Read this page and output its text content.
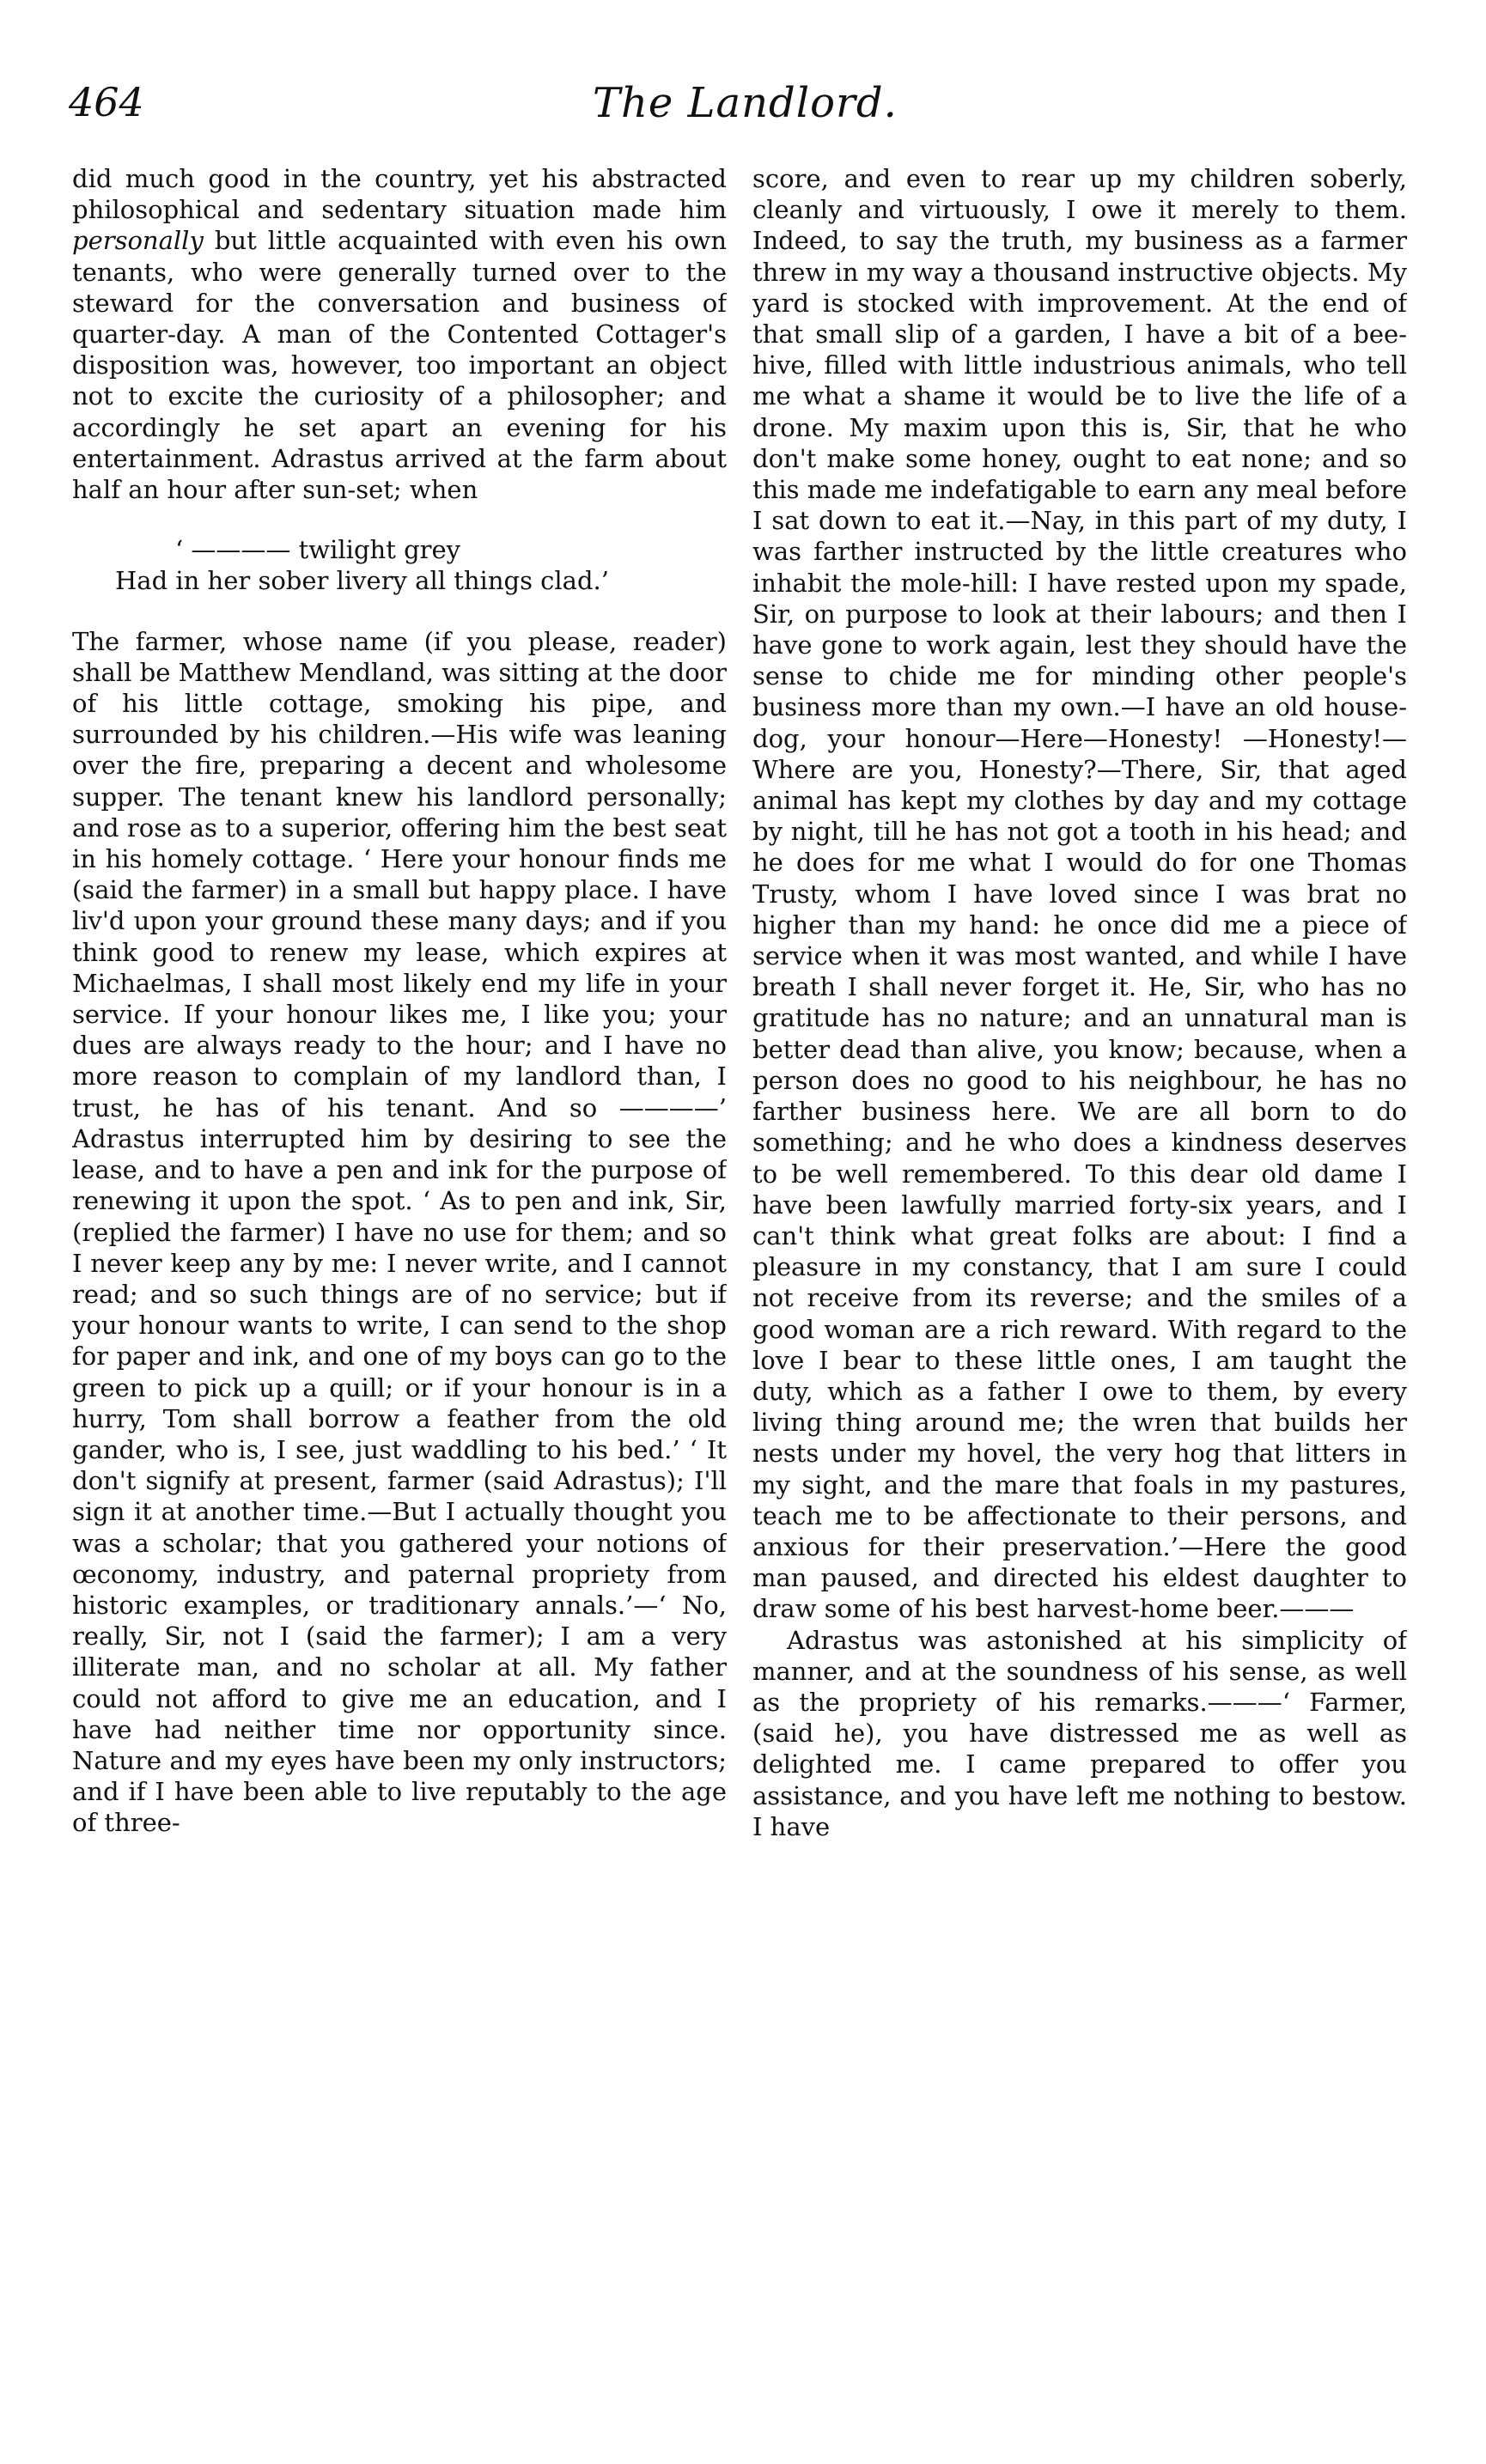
464	The Landlord.

did much good in the country, yet his abstracted philosophical and sedentary situation made him personally but little acquainted with even his own tenants, who were generally turned over to the steward for the conversation and business of quarter-day. A man of the Contented Cottager's disposition was, however, too important an object not to excite the curiosity of a philosopher; and accordingly he set apart an evening for his entertainment. Adrastus arrived at the farm about half an hour after sun-set; when

‘ ———— twilight grey

Had in her sober livery all things clad.’

The farmer, whose name (if you please, reader) shall be Matthew Mendland, was sitting at the door of his little cottage, smoking his pipe, and surrounded by his children.—His wife was leaning over the fire, preparing a decent and wholesome supper. The tenant knew his landlord personally; and rose as to a superior, offering him the best seat in his homely cottage. ‘ Here your honour finds me (said the farmer) in a small but happy place. I have liv'd upon your ground these many days; and if you think good to renew my lease, which expires at Michaelmas, I shall most likely end my life in your service. If your honour likes me, I like you; your dues are always ready to the hour; and I have no more reason to complain of my landlord than, I trust, he has of his tenant. And so ————’ Adrastus interrupted him by desiring to see the lease, and to have a pen and ink for the purpose of renewing it upon the spot. ‘ As to pen and ink, Sir, (replied the farmer) I have no use for them; and so I never keep any by me: I never write, and I cannot read; and so such things are of no service; but if your honour wants to write, I can send to the shop for paper and ink, and one of my boys can go to the green to pick up a quill; or if your honour is in a hurry, Tom shall borrow a feather from the old gander, who is, I see, just waddling to his bed.’ ‘ It don't signify at present, farmer (said Adrastus); I'll sign it at another time.—But I actually thought you was a scholar; that you gathered your notions of œconomy, industry, and paternal propriety from historic examples, or traditionary annals.’—‘ No, really, Sir, not I (said the farmer); I am a very illiterate man, and no scholar at all. My father could not afford to give me an education, and I have had neither time nor opportunity since. Nature and my eyes have been my only instructors; and if I have been able to live reputably to the age of three-

score, and even to rear up my children soberly, cleanly and virtuously, I owe it merely to them. Indeed, to say the truth, my business as a farmer threw in my way a thousand instructive objects. My yard is stocked with improvement. At the end of that small slip of a garden, I have a bit of a bee-hive, filled with little industrious animals, who tell me what a shame it would be to live the life of a drone. My maxim upon this is, Sir, that he who don't make some honey, ought to eat none; and so this made me indefatigable to earn any meal before I sat down to eat it.—Nay, in this part of my duty, I was farther instructed by the little creatures who inhabit the mole-hill: I have rested upon my spade, Sir, on purpose to look at their labours; and then I have gone to work again, lest they should have the sense to chide me for minding other people's business more than my own.—I have an old house-dog, your honour—Here—Honesty! —Honesty!—Where are you, Honesty?—There, Sir, that aged animal has kept my clothes by day and my cottage by night, till he has not got a tooth in his head; and he does for me what I would do for one Thomas Trusty, whom I have loved since I was brat no higher than my hand: he once did me a piece of service when it was most wanted, and while I have breath I shall never forget it. He, Sir, who has no gratitude has no nature; and an unnatural man is better dead than alive, you know; because, when a person does no good to his neighbour, he has no farther business here. We are all born to do something; and he who does a kindness deserves to be well remembered. To this dear old dame I have been lawfully married forty-six years, and I can't think what great folks are about: I find a pleasure in my constancy, that I am sure I could not receive from its reverse; and the smiles of a good woman are a rich reward. With regard to the love I bear to these little ones, I am taught the duty, which as a father I owe to them, by every living thing around me; the wren that builds her nests under my hovel, the very hog that litters in my sight, and the mare that foals in my pastures, teach me to be affectionate to their persons, and anxious for their preservation.’—Here the good man paused, and directed his eldest daughter to draw some of his best harvest-home beer.———

Adrastus was astonished at his simplicity of manner, and at the soundness of his sense, as well as the propriety of his remarks.———‘ Farmer, (said he), you have distressed me as well as delighted me. I came prepared to offer you assistance, and you have left me nothing to bestow. I have
